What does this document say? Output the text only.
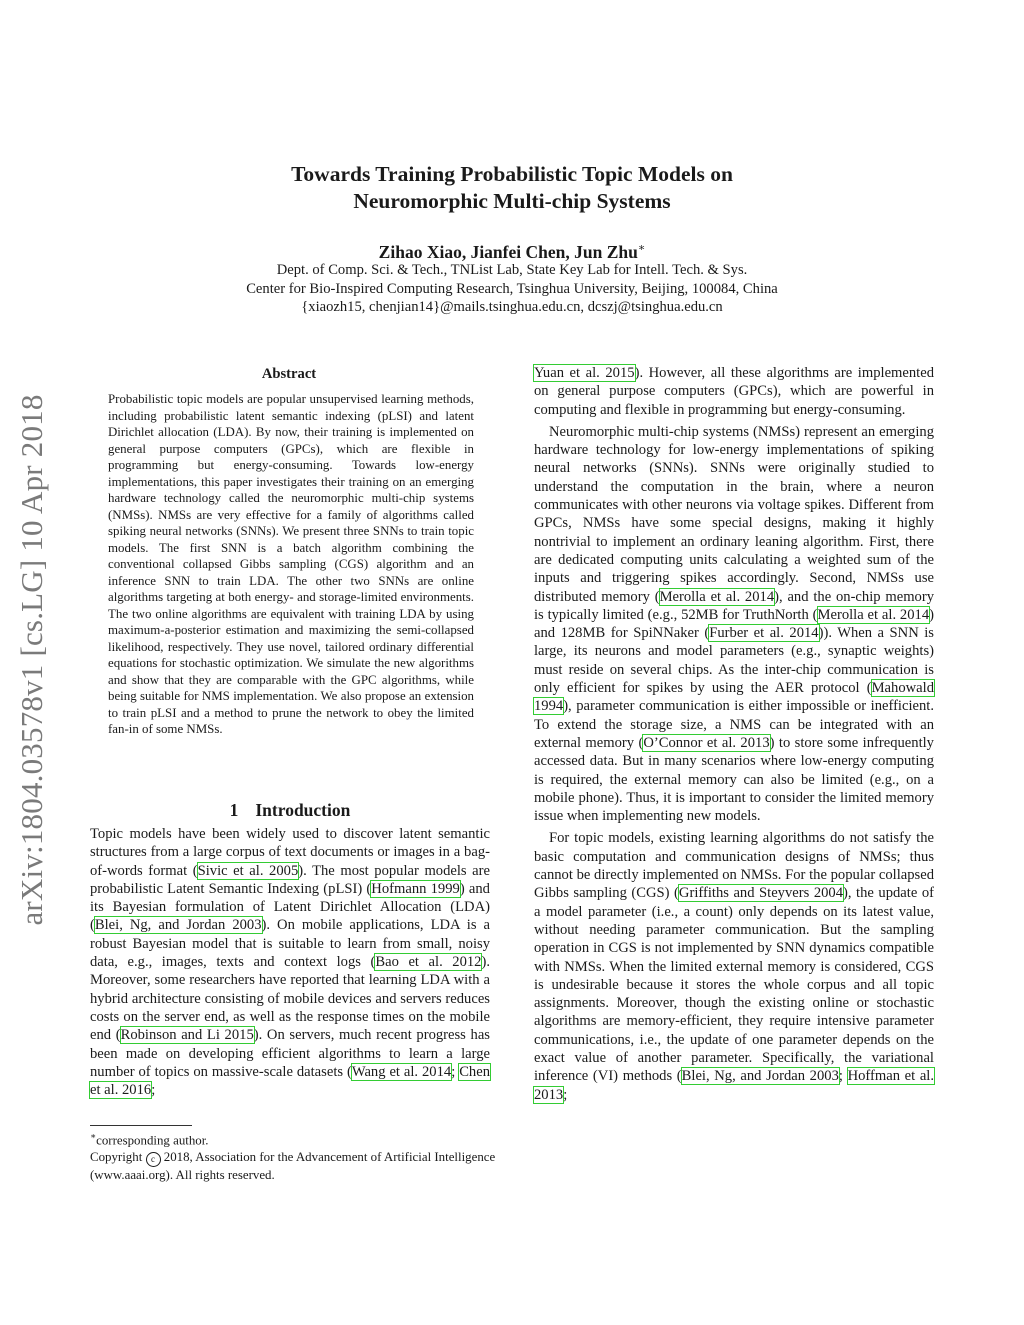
arXiv:1804.03578v1 [cs.LG] 10 Apr 2018
Towards Training Probabilistic Topic Models on
Neuromorphic Multi-chip Systems
Zihao Xiao, Jianfei Chen, Jun Zhu∗
Dept. of Comp. Sci. & Tech., TNList Lab, State Key Lab for Intell. Tech. & Sys.
Center for Bio-Inspired Computing Research, Tsinghua University, Beijing, 100084, China
{xiaozh15, chenjian14}@mails.tsinghua.edu.cn, dcszj@tsinghua.edu.cn
Abstract
Probabilistic topic models are popular unsupervised learning methods, including probabilistic latent semantic indexing (pLSI) and latent Dirichlet allocation (LDA). By now, their training is implemented on general purpose computers (GPCs), which are flexible in programming but energy-consuming. Towards low-energy implementations, this paper investigates their training on an emerging hardware technology called the neuromorphic multi-chip systems (NMSs). NMSs are very effective for a family of algorithms called spiking neural networks (SNNs). We present three SNNs to train topic models. The first SNN is a batch algorithm combining the conventional collapsed Gibbs sampling (CGS) algorithm and an inference SNN to train LDA. The other two SNNs are online algorithms targeting at both energy- and storage-limited environments. The two online algorithms are equivalent with training LDA by using maximum-a-posterior estimation and maximizing the semi-collapsed likelihood, respectively. They use novel, tailored ordinary differential equations for stochastic optimization. We simulate the new algorithms and show that they are comparable with the GPC algorithms, while being suitable for NMS implementation. We also propose an extension to train pLSI and a method to prune the network to obey the limited fan-in of some NMSs.
1 Introduction

Topic models have been widely used to discover latent semantic structures from a large corpus of text documents or images in a bag-of-words format (Sivic et al. 2005). The most popular models are probabilistic Latent Semantic Indexing (pLSI) (Hofmann 1999) and its Bayesian formulation of Latent Dirichlet Allocation (LDA) (Blei, Ng, and Jordan 2003). On mobile applications, LDA is a robust Bayesian model that is suitable to learn from small, noisy data, e.g., images, texts and context logs (Bao et al. 2012). Moreover, some researchers have reported that learning LDA with a hybrid architecture consisting of mobile devices and servers reduces costs on the server end, as well as the response times on the mobile end (Robinson and Li 2015). On servers, much recent progress has been made on developing efficient algorithms to learn a large number of topics on massive-scale datasets (Wang et al. 2014; Chen et al. 2016;

∗corresponding author.
Copyright c 2018, Association for the Advancement of Artificial Intelligence (www.aaai.org). All rights reserved.

Yuan et al. 2015). However, all these algorithms are implemented on general purpose computers (GPCs), which are powerful in computing and flexible in programming but energy-consuming.

Neuromorphic multi-chip systems (NMSs) represent an emerging hardware technology for low-energy implementations of spiking neural networks (SNNs). SNNs were originally studied to understand the computation in the brain, where a neuron communicates with other neurons via voltage spikes. Different from GPCs, NMSs have some special designs, making it highly nontrivial to implement an ordinary leaning algorithm. First, there are dedicated computing units calculating a weighted sum of the inputs and triggering spikes accordingly. Second, NMSs use distributed memory (Merolla et al. 2014), and the on-chip memory is typically limited (e.g., 52MB for TruthNorth (Merolla et al. 2014) and 128MB for SpiNNaker (Furber et al. 2014)). When a SNN is large, its neurons and model parameters (e.g., synaptic weights) must reside on several chips. As the inter-chip communication is only efficient for spikes by using the AER protocol (Mahowald 1994), parameter communication is either impossible or inefficient. To extend the storage size, a NMS can be integrated with an external memory (O’Connor et al. 2013) to store some infrequently accessed data. But in many scenarios where low-energy computing is required, the external memory can also be limited (e.g., on a mobile phone). Thus, it is important to consider the limited memory issue when implementing new models.

For topic models, existing learning algorithms do not satisfy the basic computation and communication designs of NMSs; thus cannot be directly implemented on NMSs. For the popular collapsed Gibbs sampling (CGS) (Griffiths and Steyvers 2004), the update of a model parameter (i.e., a count) only depends on its latest value, without needing parameter communication. But the sampling operation in CGS is not implemented by SNN dynamics compatible with NMSs. When the limited external memory is considered, CGS is undesirable because it stores the whole corpus and all topic assignments. Moreover, though the existing online or stochastic algorithms are memory-efficient, they require intensive parameter communications, i.e., the update of one parameter depends on the exact value of another parameter. Specifically, the variational inference (VI) methods (Blei, Ng, and Jordan 2003; Hoffman et al. 2013;
